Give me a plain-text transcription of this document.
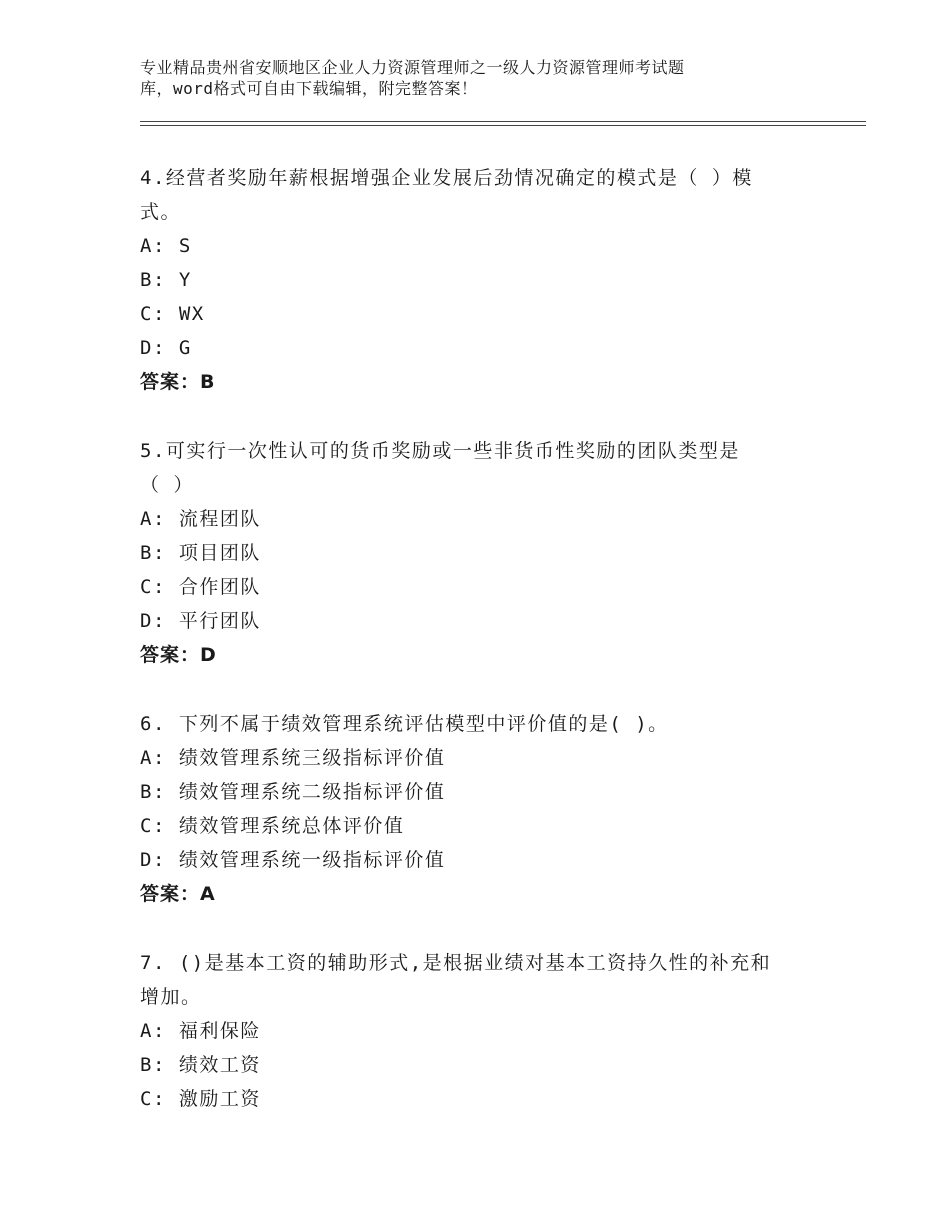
专业精品贵州省安顺地区企业人力资源管理师之一级人力资源管理师考试题
库，word格式可自由下载编辑，附完整答案！
4.经营者奖励年薪根据增强企业发展后劲情况确定的模式是（ ）模
式。
A: S
B: Y
C: WX
D: G
答案：B
5.可实行一次性认可的货币奖励或一些非货币性奖励的团队类型是
（ ）
A: 流程团队
B: 项目团队
C: 合作团队
D: 平行团队
答案：D
6. 下列不属于绩效管理系统评估模型中评价值的是( )。
A: 绩效管理系统三级指标评价值
B: 绩效管理系统二级指标评价值
C: 绩效管理系统总体评价值
D: 绩效管理系统一级指标评价值
答案：A
7. ()是基本工资的辅助形式,是根据业绩对基本工资持久性的补充和
增加。
A: 福利保险
B: 绩效工资
C: 激励工资
